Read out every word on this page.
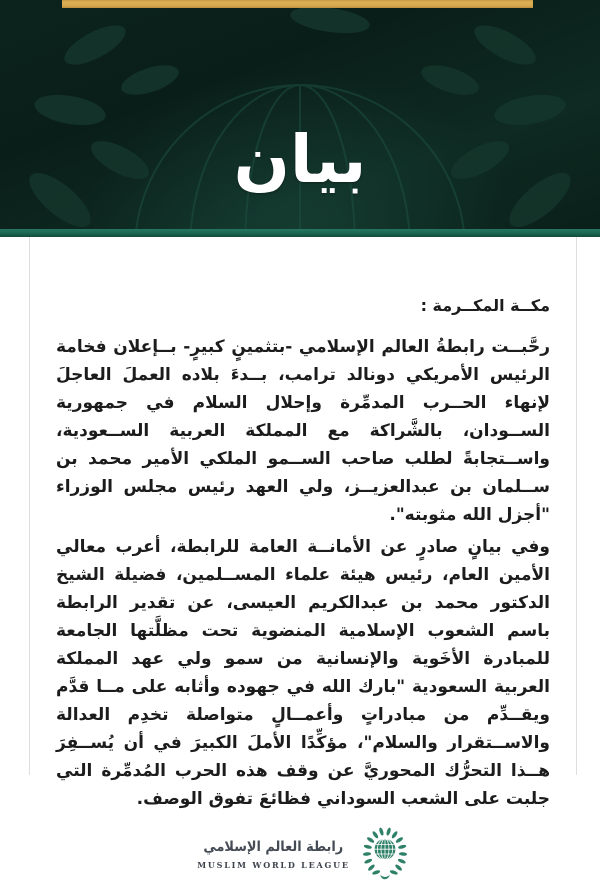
بيان
مكــة المكــرمة :

رحَّبــت رابطةُ العالم الإسلامي -بتثمينٍ كبيرٍ- بــإعلان فخامة الرئيس الأمريكي دونالد ترامب، بــدءَ بلاده العملَ العاجلَ لإنهاء الحــرب المدمِّرة وإحلال السلام في جمهورية الســودان، بالشَّراكة مع المملكة العربية الســعودية، واســتجابةً لطلب صاحب الســمو الملكي الأمير محمد بن ســلمان بن عبدالعزيــز، ولي العهد رئيس مجلس الوزراء "أجزل الله مثوبته".

وفي بيانٍ صادرٍ عن الأمانــة العامة للرابطة، أعرب معالي الأمين العام، رئيس هيئة علماء المســلمين، فضيلة الشيخ الدكتور محمد بن عبدالكريم العيسى، عن تقدير الرابطة باسم الشعوب الإسلامية المنضوية تحت مظلَّتها الجامعة للمبادرة الأخَوية والإنسانية من سمو ولي عهد المملكة العربية السعودية "بارك الله في جهوده وأثابه على مــا قدَّم ويقــدِّم من مبادراتٍ وأعمــالٍ متواصلة تخدِم العدالة والاســتقرار والسلام"، مؤكِّدًا الأملَ الكبيرَ في أن يُســفِرَ هــذا التحرُّك المحوريَّ عن وقف هذه الحرب المُدمِّرة التي جلبت على الشعب السوداني فظائعَ تفوق الوصف.

رابطة العالم الإسلامي
MUSLIM WORLD LEAGUE
